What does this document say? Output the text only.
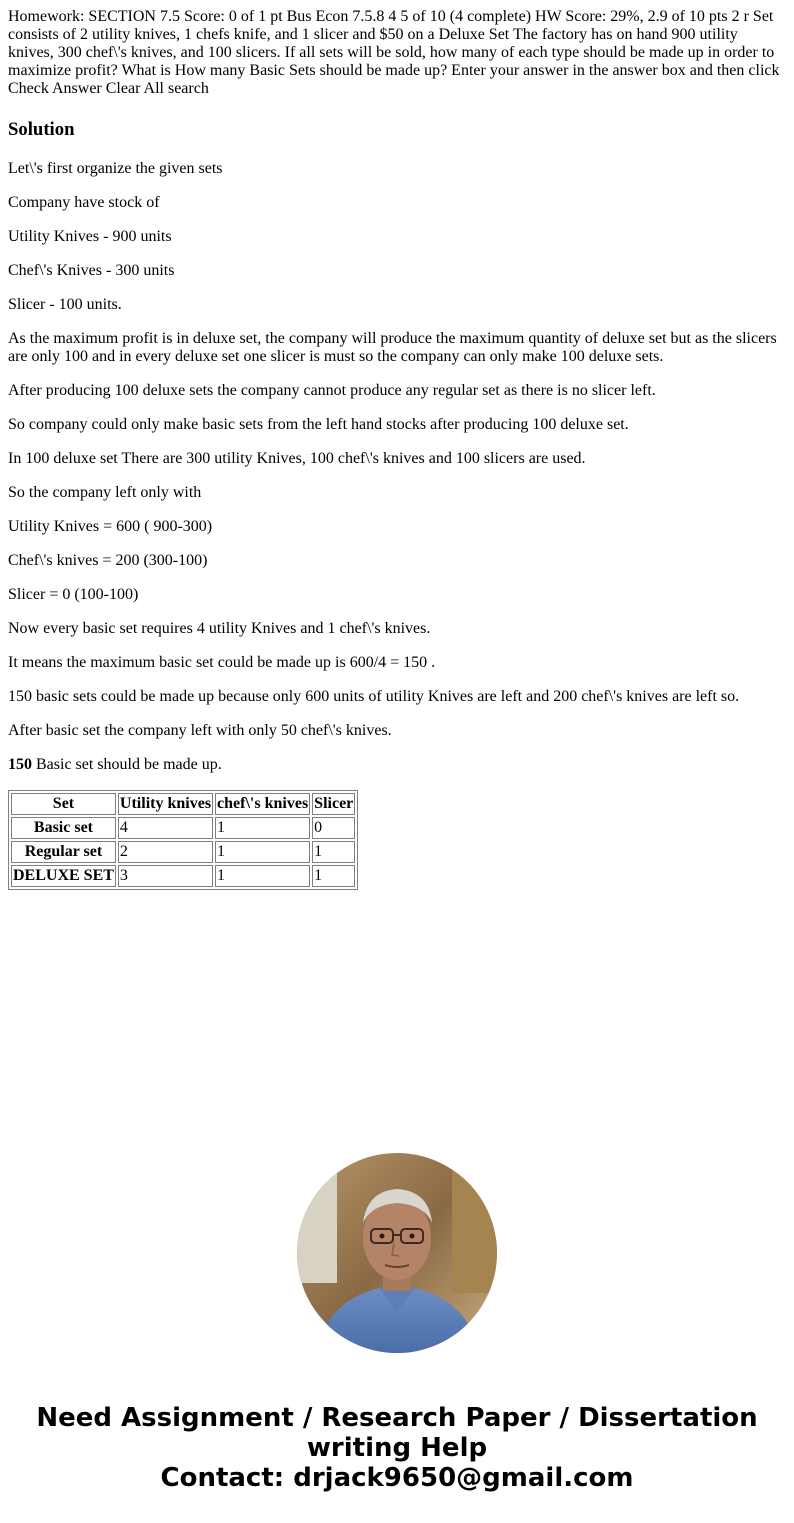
Homework: SECTION 7.5 Score: 0 of 1 pt Bus Econ 7.5.8 4 5 of 10 (4 complete) HW Score: 29%, 2.9 of 10 pts 2 r Set consists of 2 utility knives, 1 chefs knife, and 1 slicer and $50 on a Deluxe Set The factory has on hand 900 utility knives, 300 chef\'s knives, and 100 slicers. If all sets will be sold, how many of each type should be made up in order to maximize profit? What is How many Basic Sets should be made up? Enter your answer in the answer box and then click Check Answer Clear All search
Solution

Let\'s first organize the given sets

Company have stock of

Utility Knives - 900 units

Chef\'s Knives - 300 units

Slicer - 100 units.

As the maximum profit is in deluxe set, the company will produce the maximum quantity of deluxe set but as the slicers are only 100 and in every deluxe set one slicer is must so the company can only make 100 deluxe sets.

After producing 100 deluxe sets the company cannot produce any regular set as there is no slicer left.

So company could only make basic sets from the left hand stocks after producing 100 deluxe set.

In 100 deluxe set There are 300 utility Knives, 100 chef\'s knives and 100 slicers are used.

So the company left only with

Utility Knives = 600 ( 900-300)

Chef\'s knives = 200 (300-100)

Slicer = 0 (100-100)

Now every basic set requires 4 utility Knives and 1 chef\'s knives.

It means the maximum basic set could be made up is 600/4 = 150 .

150 basic sets could be made up because only 600 units of utility Knives are left and 200 chef\'s knives are left so.

After basic set the company left with only 50 chef\'s knives.

150 Basic set should be made up.

Set	Utility knives	chef\'s knives	Slicer
Basic set	4	1	0
Regular set	2	1	1
DELUXE SET	3	1	1
Need Assignment / Research Paper / Dissertation
writing Help
Contact: drjack9650@gmail.com
